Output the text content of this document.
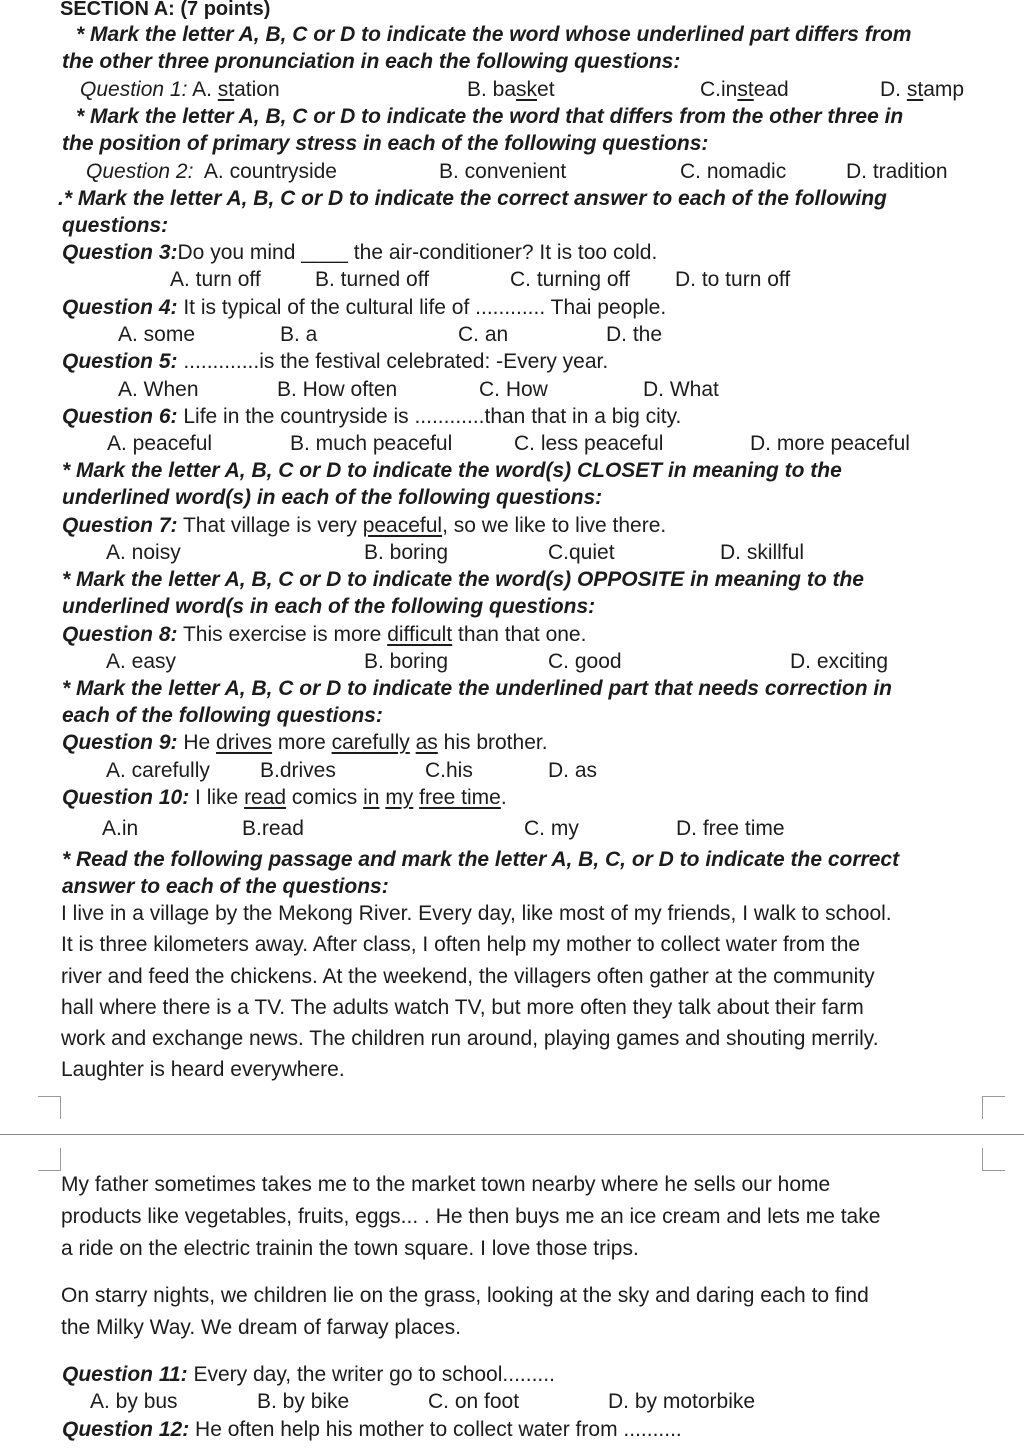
SECTION A: (7 points)
* Mark the letter A, B, C or D to indicate the word whose underlined part differs from
the other three pronunciation in each the following questions:
Question 1: A. station	B. basket	C.instead	D. stamp
* Mark the letter A, B, C or D to indicate the word that differs from the other three in
the position of primary stress in each of the following questions:
Question 2: A. countryside	B. convenient	C. nomadic	D. tradition
.* Mark the letter A, B, C or D to indicate the correct answer to each of the following
questions:
Question 3:Do you mind ____ the air-conditioner? It is too cold.
A. turn off	B. turned off	C. turning off D. to turn off
Question 4: It is typical of the cultural life of ............ Thai people.
A. some	B. a	C. an	D. the
Question 5: .............is the festival celebrated: -Every year.
A. When	B. How often	C. How	D. What
Question 6: Life in the countryside is ............than that in a big city.
A. peaceful	B. much peaceful	C. less peaceful	D. more peaceful
* Mark the letter A, B, C or D to indicate the word(s) CLOSET in meaning to the
underlined word(s) in each of the following questions:
Question 7: That village is very peaceful, so we like to live there.
A. noisy	B. boring	C.quiet	D. skillful
* Mark the letter A, B, C or D to indicate the word(s) OPPOSITE in meaning to the
underlined word(s in each of the following questions:
Question 8: This exercise is more difficult than that one.
A. easy	B. boring	C. good	D. exciting
* Mark the letter A, B, C or D to indicate the underlined part that needs correction in
each of the following questions:
Question 9: He drives more carefully as his brother.
A. carefully B.drives	C.his	D. as
Question 10: I like read comics in my free time.
A.in	B.read	C. my	D. free time
* Read the following passage and mark the letter A, B, C, or D to indicate the correct
answer to each of the questions:
I live in a village by the Mekong River. Every day, like most of my friends, I walk to school.
It is three kilometers away. After class, I often help my mother to collect water from the
river and feed the chickens. At the weekend, the villagers often gather at the community
hall where there is a TV. The adults watch TV, but more often they talk about their farm
work and exchange news. The children run around, playing games and shouting merrily.
Laughter is heard everywhere.
My father sometimes takes me to the market town nearby where he sells our home
products like vegetables, fruits, eggs... . He then buys me an ice cream and lets me take
a ride on the electric trainin the town square. I love those trips.
On starry nights, we children lie on the grass, looking at the sky and daring each to find
the Milky Way. We dream of farway places.
Question 11: Every day, the writer go to school.........
A. by bus	B. by bike	C. on foot	D. by motorbike
Question 12: He often help his mother to collect water from ..........
